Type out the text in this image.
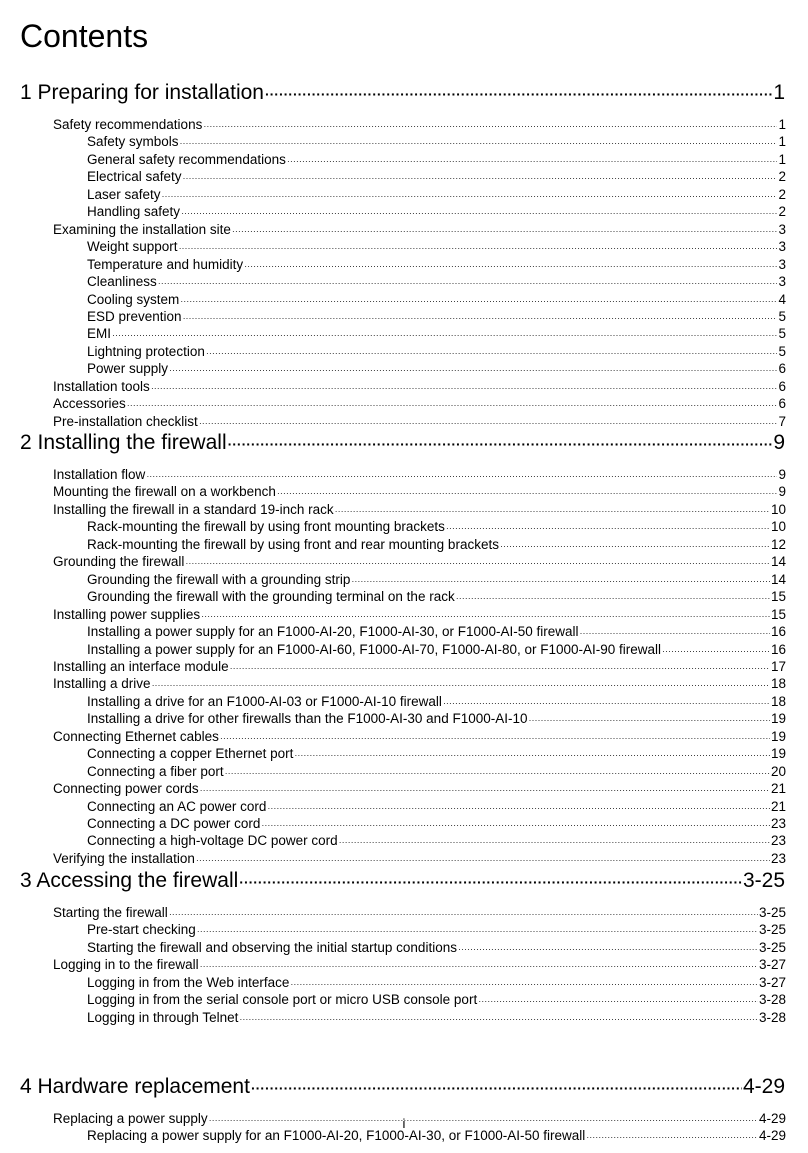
Contents
1 Preparing for installation ·····	1
Safety recommendations ·····	1
Safety symbols ·····	1
General safety recommendations ·····	1
Electrical safety ·····	2
Laser safety ·····	2
Handling safety ·····	2
Examining the installation site ·····	3
Weight support ·····	3
Temperature and humidity ·····	3
Cleanliness ·····	3
Cooling system ·····	4
ESD prevention ·····	5
EMI ·····	5
Lightning protection ·····	5
Power supply ·····	6
Installation tools ·····	6
Accessories ·····	6
Pre-installation checklist ·····	7
2 Installing the firewall ·····	9
Installation flow ·····	9
Mounting the firewall on a workbench ·····	9
Installing the firewall in a standard 19-inch rack ·····	10
Rack-mounting the firewall by using front mounting brackets ·····	10
Rack-mounting the firewall by using front and rear mounting brackets ·····	12
Grounding the firewall ·····	14
Grounding the firewall with a grounding strip ·····	14
Grounding the firewall with the grounding terminal on the rack ·····	15
Installing power supplies ·····	15
Installing a power supply for an F1000-AI-20, F1000-AI-30, or F1000-AI-50 firewall ·····	16
Installing a power supply for an F1000-AI-60, F1000-AI-70, F1000-AI-80, or F1000-AI-90 firewall ·····	16
Installing an interface module ·····	17
Installing a drive ·····	18
Installing a drive for an F1000-AI-03 or F1000-AI-10 firewall ·····	18
Installing a drive for other firewalls than the F1000-AI-30 and F1000-AI-10 ·····	19
Connecting Ethernet cables ·····	19
Connecting a copper Ethernet port ·····	19
Connecting a fiber port ·····	20
Connecting power cords ·····	21
Connecting an AC power cord ·····	21
Connecting a DC power cord ·····	23
Connecting a high-voltage DC power cord ·····	23
Verifying the installation ·····	23
3 Accessing the firewall ·····	3-25
Starting the firewall ·····	3-25
Pre-start checking ·····	3-25
Starting the firewall and observing the initial startup conditions ·····	3-25
Logging in to the firewall ·····	3-27
Logging in from the Web interface ·····	3-27
Logging in from the serial console port or micro USB console port ·····	3-28
Logging in through Telnet ·····	3-28
4 Hardware replacement ·····	4-29
Replacing a power supply ·····	4-29
Replacing a power supply for an F1000-AI-20, F1000-AI-30, or F1000-AI-50 firewall ·····	4-29
i
